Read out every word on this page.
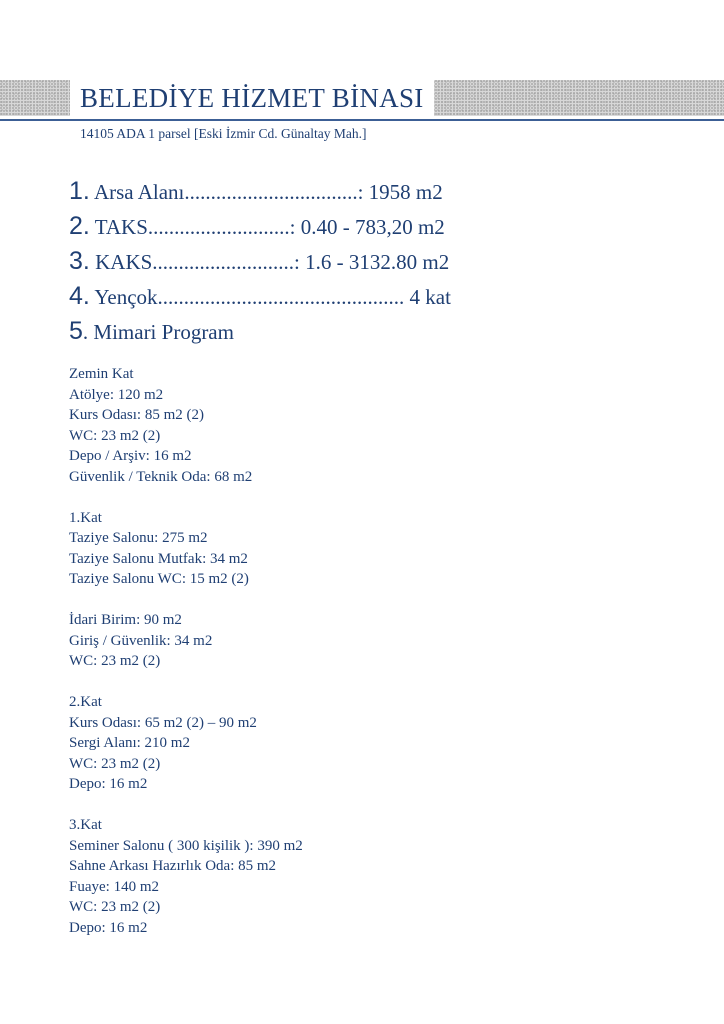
BELEDİYE HİZMET BİNASI
14105 ADA 1 parsel [Eski İzmir Cd. Günaltay Mah.]
1. Arsa Alanı.................................: 1958 m2
2. TAKS...........................: 0.40 - 783,20 m2
3. KAKS...........................: 1.6 - 3132.80 m2
4. Yençok............................................... 4 kat
5. Mimari Program
Zemin Kat
Atölye: 120 m2
Kurs Odası: 85 m2 (2)
WC: 23 m2 (2)
Depo / Arşiv: 16 m2
Güvenlik / Teknik Oda: 68 m2
1.Kat
Taziye Salonu: 275 m2
Taziye Salonu Mutfak: 34 m2
Taziye Salonu WC: 15 m2 (2)
İdari Birim: 90 m2
Giriş / Güvenlik: 34 m2
WC: 23 m2 (2)
2.Kat
Kurs Odası: 65 m2 (2) – 90 m2
Sergi Alanı: 210 m2
WC: 23 m2 (2)
Depo: 16 m2
3.Kat
Seminer Salonu ( 300 kişilik ): 390 m2
Sahne Arkası Hazırlık Oda: 85 m2
Fuaye: 140 m2
WC: 23 m2 (2)
Depo: 16 m2
